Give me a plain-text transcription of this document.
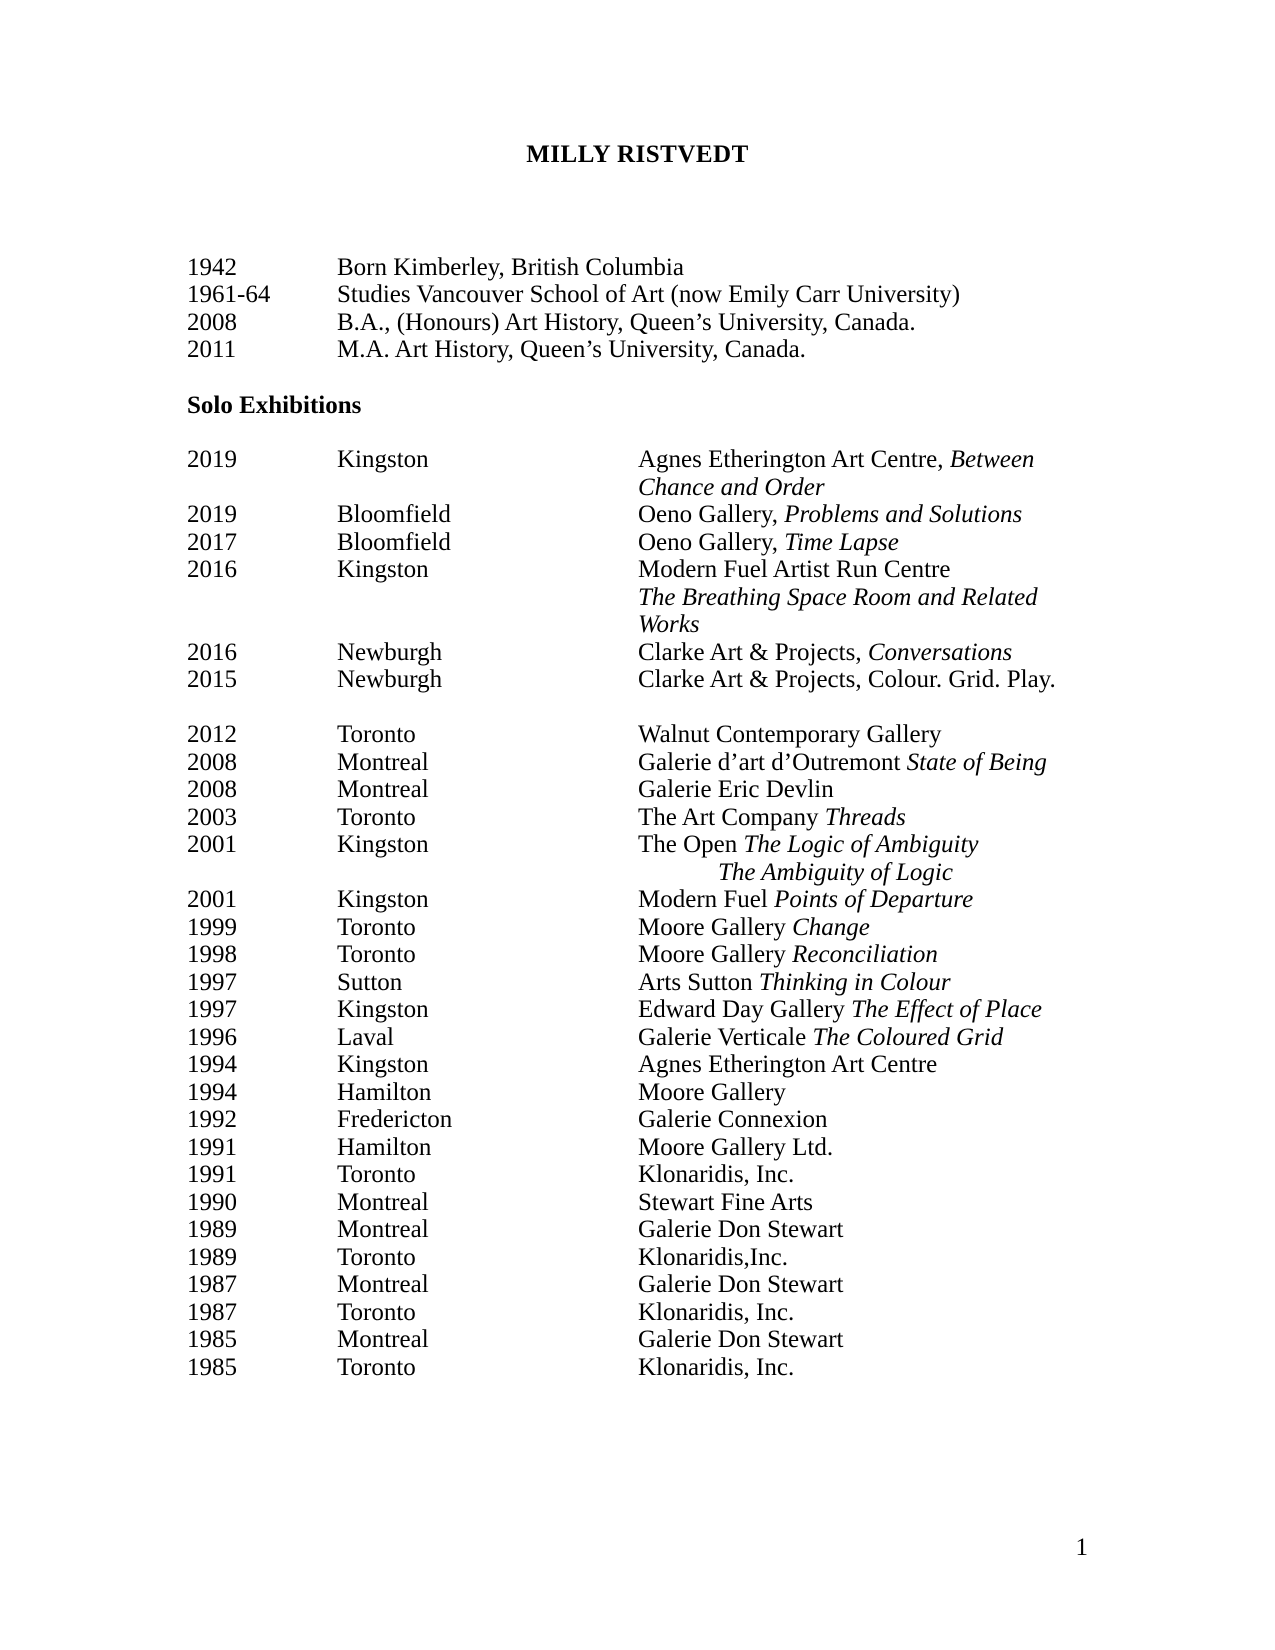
MILLY RISTVEDT
1942	Born Kimberley, British Columbia
1961-64	Studies Vancouver School of Art (now Emily Carr University)
2008	B.A., (Honours) Art History, Queen’s University, Canada.
2011	M.A. Art History, Queen’s University, Canada.
Solo Exhibitions
2019	Kingston	Agnes Etherington Art Centre, Between
Chance and Order
2019	Bloomfield	Oeno Gallery, Problems and Solutions
2017	Bloomfield	Oeno Gallery, Time Lapse
2016	Kingston	Modern Fuel Artist Run Centre
The Breathing Space Room and Related
Works
2016	Newburgh	Clarke Art & Projects, Conversations
2015	Newburgh	Clarke Art & Projects, Colour. Grid. Play.
2012	Toronto	Walnut Contemporary Gallery
2008	Montreal	Galerie d’art d’Outremont State of Being
2008	Montreal	Galerie Eric Devlin
2003	Toronto	The Art Company Threads
2001	Kingston	The Open The Logic of Ambiguity
The Ambiguity of Logic
2001	Kingston	Modern Fuel Points of Departure
1999	Toronto	Moore Gallery Change
1998	Toronto	Moore Gallery Reconciliation
1997	Sutton	Arts Sutton Thinking in Colour
1997	Kingston	Edward Day Gallery The Effect of Place
1996	Laval	Galerie Verticale The Coloured Grid
1994	Kingston	Agnes Etherington Art Centre
1994	Hamilton	Moore Gallery
1992	Fredericton	Galerie Connexion
1991	Hamilton	Moore Gallery Ltd.
1991	Toronto	Klonaridis, Inc.
1990	Montreal	Stewart Fine Arts
1989	Montreal	Galerie Don Stewart
1989	Toronto	Klonaridis,Inc.
1987	Montreal	Galerie Don Stewart
1987	Toronto	Klonaridis, Inc.
1985	Montreal	Galerie Don Stewart
1985	Toronto	Klonaridis, Inc.
1
